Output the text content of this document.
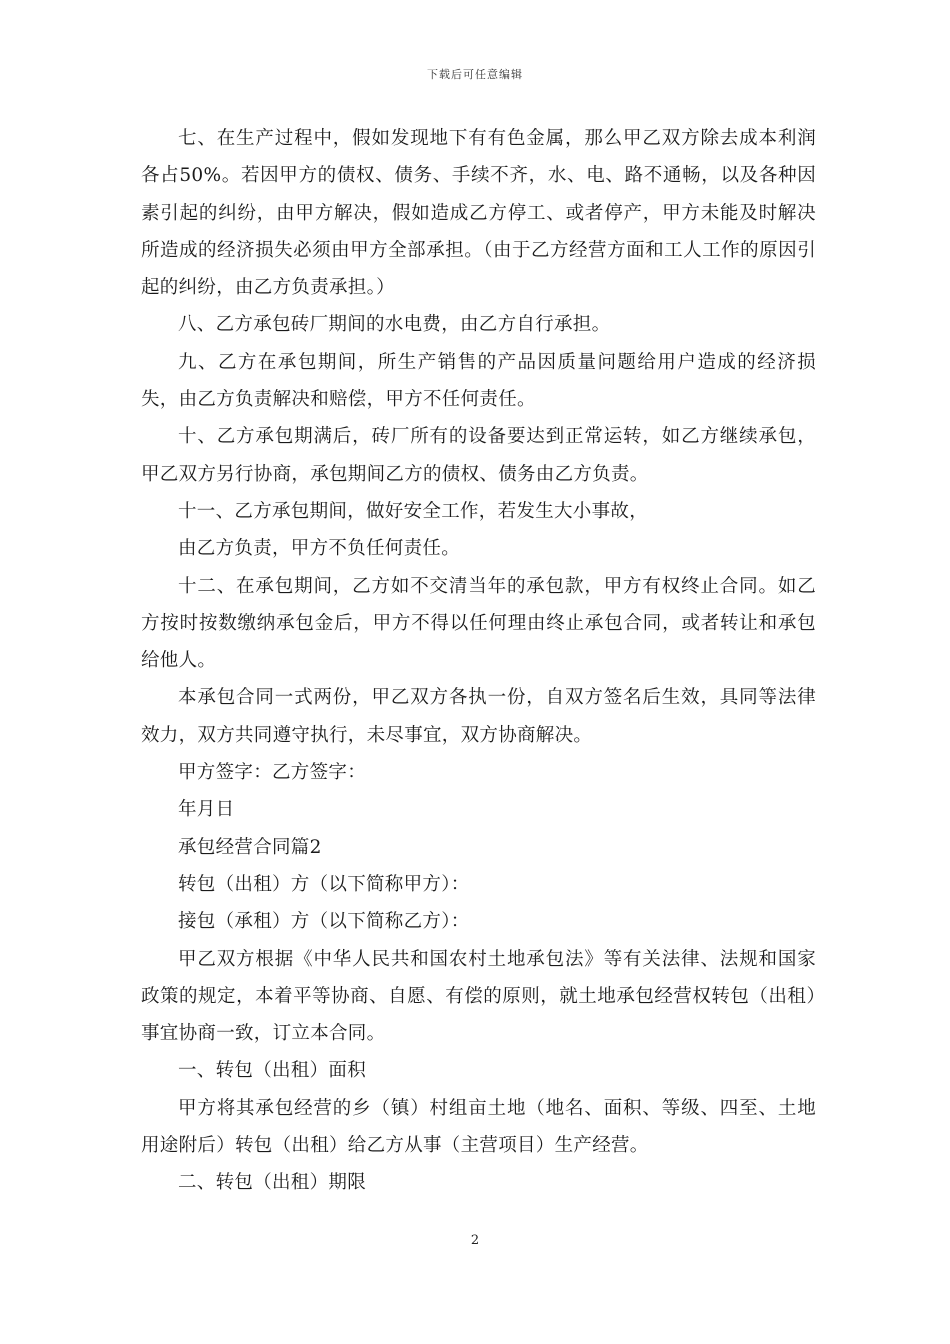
下载后可任意编辑

七、在生产过程中，假如发现地下有有色金属，那么甲乙双方除去成本利润各占50%。若因甲方的债权、债务、手续不齐，水、电、路不通畅，以及各种因素引起的纠纷，由甲方解决，假如造成乙方停工、或者停产，甲方未能及时解决所造成的经济损失必须由甲方全部承担。（由于乙方经营方面和工人工作的原因引起的纠纷，由乙方负责承担。）

八、乙方承包砖厂期间的水电费，由乙方自行承担。

九、乙方在承包期间，所生产销售的产品因质量问题给用户造成的经济损失，由乙方负责解决和赔偿，甲方不任何责任。

十、乙方承包期满后，砖厂所有的设备要达到正常运转，如乙方继续承包，甲乙双方另行协商，承包期间乙方的债权、债务由乙方负责。

十一、乙方承包期间，做好安全工作，若发生大小事故，

由乙方负责，甲方不负任何责任。

十二、在承包期间，乙方如不交清当年的承包款，甲方有权终止合同。如乙方按时按数缴纳承包金后，甲方不得以任何理由终止承包合同，或者转让和承包给他人。

本承包合同一式两份，甲乙双方各执一份，自双方签名后生效，具同等法律效力，双方共同遵守执行，未尽事宜，双方协商解决。

甲方签字：乙方签字：

年月日

承包经营合同篇2

转包（出租）方（以下简称甲方）：

接包（承租）方（以下简称乙方）：

甲乙双方根据《中华人民共和国农村土地承包法》等有关法律、法规和国家政策的规定，本着平等协商、自愿、有偿的原则，就土地承包经营权转包（出租）事宜协商一致，订立本合同。

一、转包（出租）面积

甲方将其承包经营的乡（镇）村组亩土地（地名、面积、等级、四至、土地用途附后）转包（出租）给乙方从事（主营项目）生产经营。

二、转包（出租）期限

2
